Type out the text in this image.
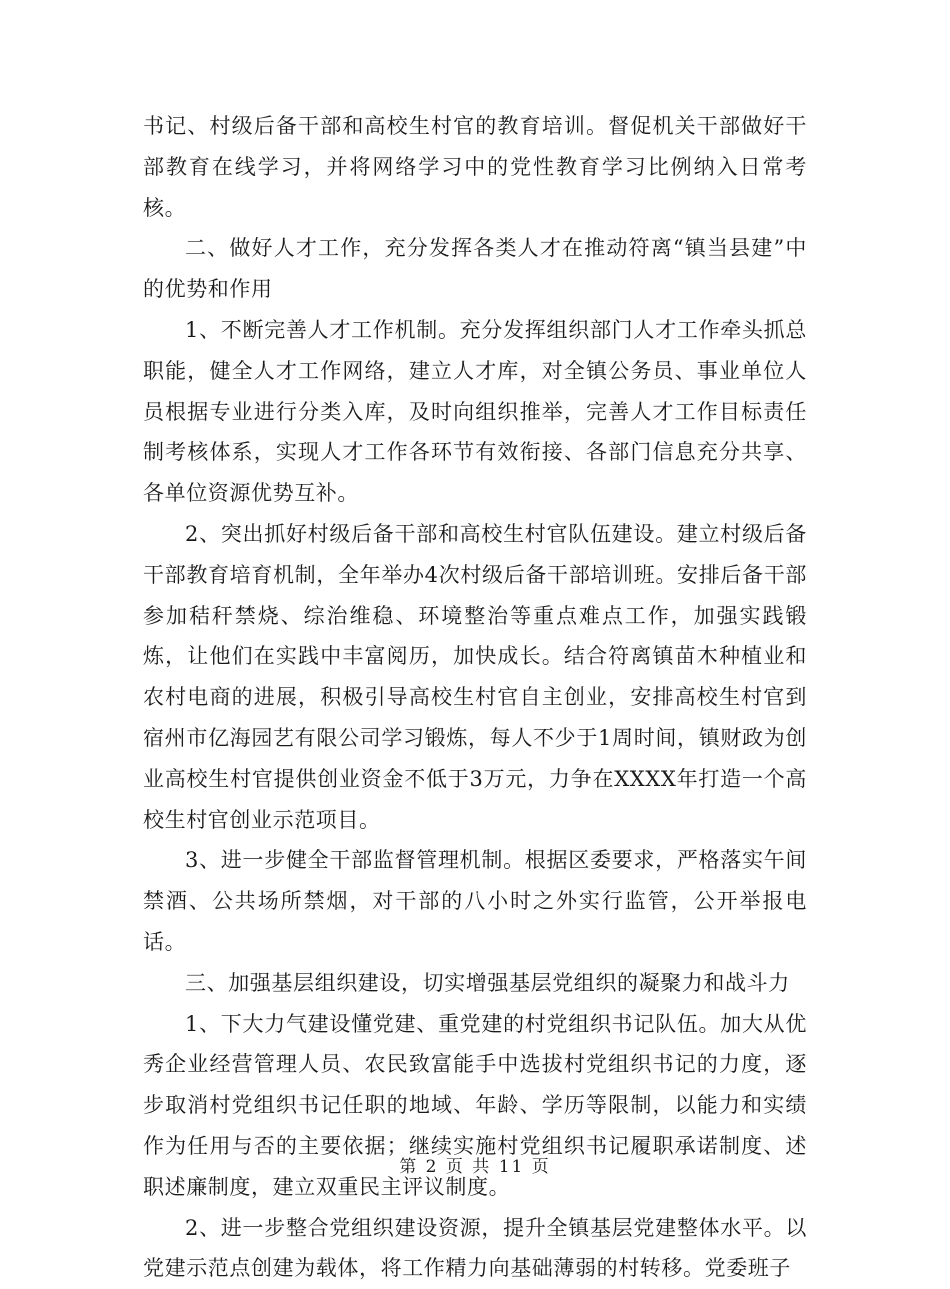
书记、村级后备干部和高校生村官的教育培训。督促机关干部做好干部教育在线学习，并将网络学习中的党性教育学习比例纳入日常考核。

二、做好人才工作，充分发挥各类人才在推动符离“镇当县建”中的优势和作用

1、不断完善人才工作机制。充分发挥组织部门人才工作牵头抓总职能，健全人才工作网络，建立人才库，对全镇公务员、事业单位人员根据专业进行分类入库，及时向组织推举，完善人才工作目标责任制考核体系，实现人才工作各环节有效衔接、各部门信息充分共享、各单位资源优势互补。

2、突出抓好村级后备干部和高校生村官队伍建设。建立村级后备干部教育培育机制，全年举办4次村级后备干部培训班。安排后备干部参加秸秆禁烧、综治维稳、环境整治等重点难点工作，加强实践锻炼，让他们在实践中丰富阅历，加快成长。结合符离镇苗木种植业和农村电商的进展，积极引导高校生村官自主创业，安排高校生村官到宿州市亿海园艺有限公司学习锻炼，每人不少于1周时间，镇财政为创业高校生村官提供创业资金不低于3万元，力争在XXXX年打造一个高校生村官创业示范项目。

3、进一步健全干部监督管理机制。根据区委要求，严格落实午间禁酒、公共场所禁烟，对干部的八小时之外实行监管，公开举报电话。

三、加强基层组织建设，切实增强基层党组织的凝聚力和战斗力

1、下大力气建设懂党建、重党建的村党组织书记队伍。加大从优秀企业经营管理人员、农民致富能手中选拔村党组织书记的力度，逐步取消村党组织书记任职的地域、年龄、学历等限制，以能力和实绩作为任用与否的主要依据；继续实施村党组织书记履职承诺制度、述职述廉制度，建立双重民主评议制度。

2、进一步整合党组织建设资源，提升全镇基层党建整体水平。以党建示范点创建为载体，将工作精力向基础薄弱的村转移。党委班子

第 2 页 共 11 页
